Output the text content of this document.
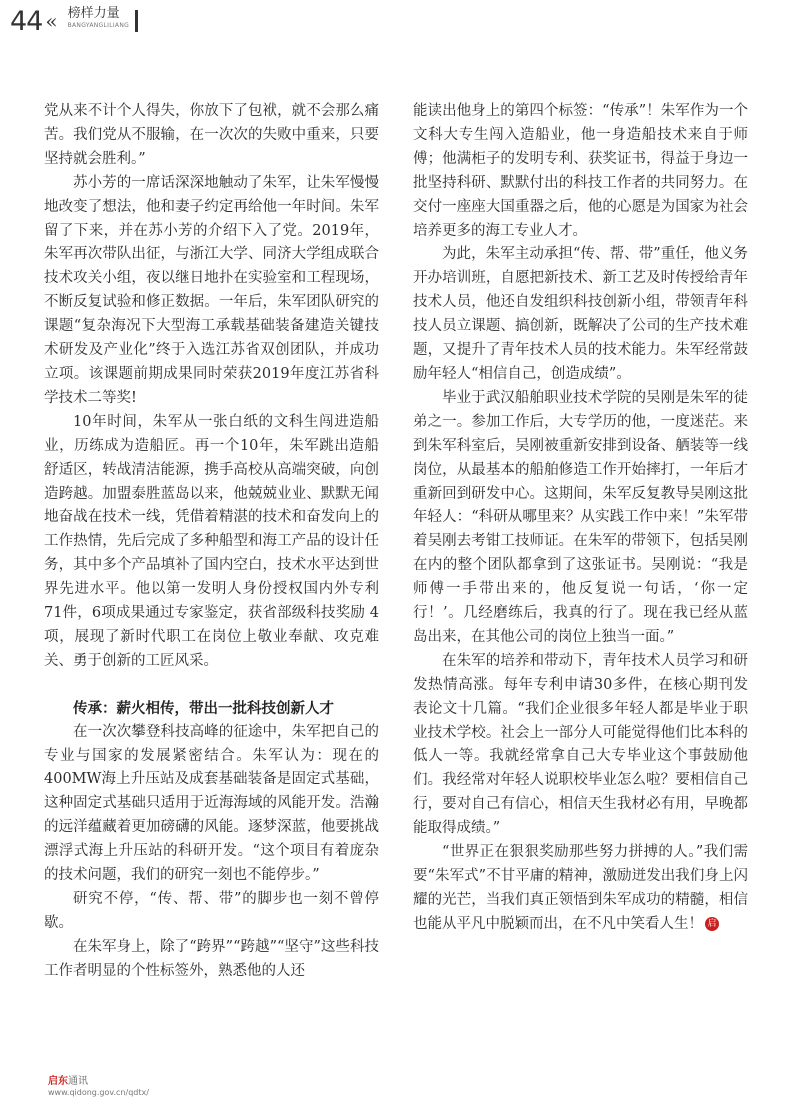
44 « 榜样力量
BANGYANGLILIANG

党从来不计个人得失，你放下了包袱，就不会那么痛苦。我们党从不服输，在一次次的失败中重来，只要坚持就会胜利。”

苏小芳的一席话深深地触动了朱军，让朱军慢慢地改变了想法，他和妻子约定再给他一年时间。朱军留了下来，并在苏小芳的介绍下入了党。2019年，朱军再次带队出征，与浙江大学、同济大学组成联合技术攻关小组，夜以继日地扑在实验室和工程现场，不断反复试验和修正数据。一年后，朱军团队研究的课题“复杂海况下大型海工承载基础装备建造关键技术研发及产业化”终于入选江苏省双创团队，并成功立项。该课题前期成果同时荣获2019年度江苏省科学技术二等奖!

10年时间，朱军从一张白纸的文科生闯进造船业，历练成为造船匠。再一个10年，朱军跳出造船舒适区，转战清洁能源，携手高校从高端突破，向创造跨越。加盟泰胜蓝岛以来，他兢兢业业、默默无闻地奋战在技术一线，凭借着精湛的技术和奋发向上的工作热情，先后完成了多种船型和海工产品的设计任务，其中多个产品填补了国内空白，技术水平达到世界先进水平。他以第一发明人身份授权国内外专利 71件，6项成果通过专家鉴定，获省部级科技奖励 4项，展现了新时代职工在岗位上敬业奉献、攻克难关、勇于创新的工匠风采。

传承：薪火相传，带出一批科技创新人才

在一次次攀登科技高峰的征途中，朱军把自己的专业与国家的发展紧密结合。朱军认为：现在的400MW海上升压站及成套基础装备是固定式基础，这种固定式基础只适用于近海海域的风能开发。浩瀚的远洋蕴藏着更加磅礴的风能。逐梦深蓝，他要挑战漂浮式海上升压站的科研开发。“这个项目有着庞杂的技术问题，我们的研究一刻也不能停步。”

研究不停，“传、帮、带”的脚步也一刻不曾停歇。

在朱军身上，除了“跨界”“跨越”“坚守”这些科技工作者明显的个性标签外，熟悉他的人还

能读出他身上的第四个标签：“传承”！朱军作为一个文科大专生闯入造船业，他一身造船技术来自于师傅；他满柜子的发明专利、获奖证书，得益于身边一批坚持科研、默默付出的科技工作者的共同努力。在交付一座座大国重器之后，他的心愿是为国家为社会培养更多的海工专业人才。

为此，朱军主动承担“传、帮、带”重任，他义务开办培训班，自愿把新技术、新工艺及时传授给青年技术人员，他还自发组织科技创新小组，带领青年科技人员立课题、搞创新，既解决了公司的生产技术难题，又提升了青年技术人员的技术能力。朱军经常鼓励年轻人“相信自己，创造成绩”。

毕业于武汉船舶职业技术学院的吴刚是朱军的徒弟之一。参加工作后，大专学历的他，一度迷茫。来到朱军科室后，吴刚被重新安排到设备、舾装等一线岗位，从最基本的船舶修造工作开始摔打，一年后才重新回到研发中心。这期间，朱军反复教导吴刚这批年轻人：“科研从哪里来？从实践工作中来！”朱军带着吴刚去考钳工技师证。在朱军的带领下，包括吴刚在内的整个团队都拿到了这张证书。吴刚说：“我是师傅一手带出来的，他反复说一句话，‘你一定行！’。几经磨练后，我真的行了。现在我已经从蓝岛出来，在其他公司的岗位上独当一面。”

在朱军的培养和带动下，青年技术人员学习和研发热情高涨。每年专利申请30多件，在核心期刊发表论文十几篇。“我们企业很多年轻人都是毕业于职业技术学校。社会上一部分人可能觉得他们比本科的低人一等。我就经常拿自己大专毕业这个事鼓励他们。我经常对年轻人说职校毕业怎么啦？要相信自己行，要对自己有信心，相信天生我材必有用，早晚都能取得成绩。”

“世界正在狠狠奖励那些努力拼搏的人。”我们需要“朱军式”不甘平庸的精神，激励迸发出我们身上闪耀的光芒，当我们真正领悟到朱军成功的精髓，相信也能从平凡中脱颖而出，在不凡中笑看人生！ 启

启东通讯
www.qidong.gov.cn/qdtx/
